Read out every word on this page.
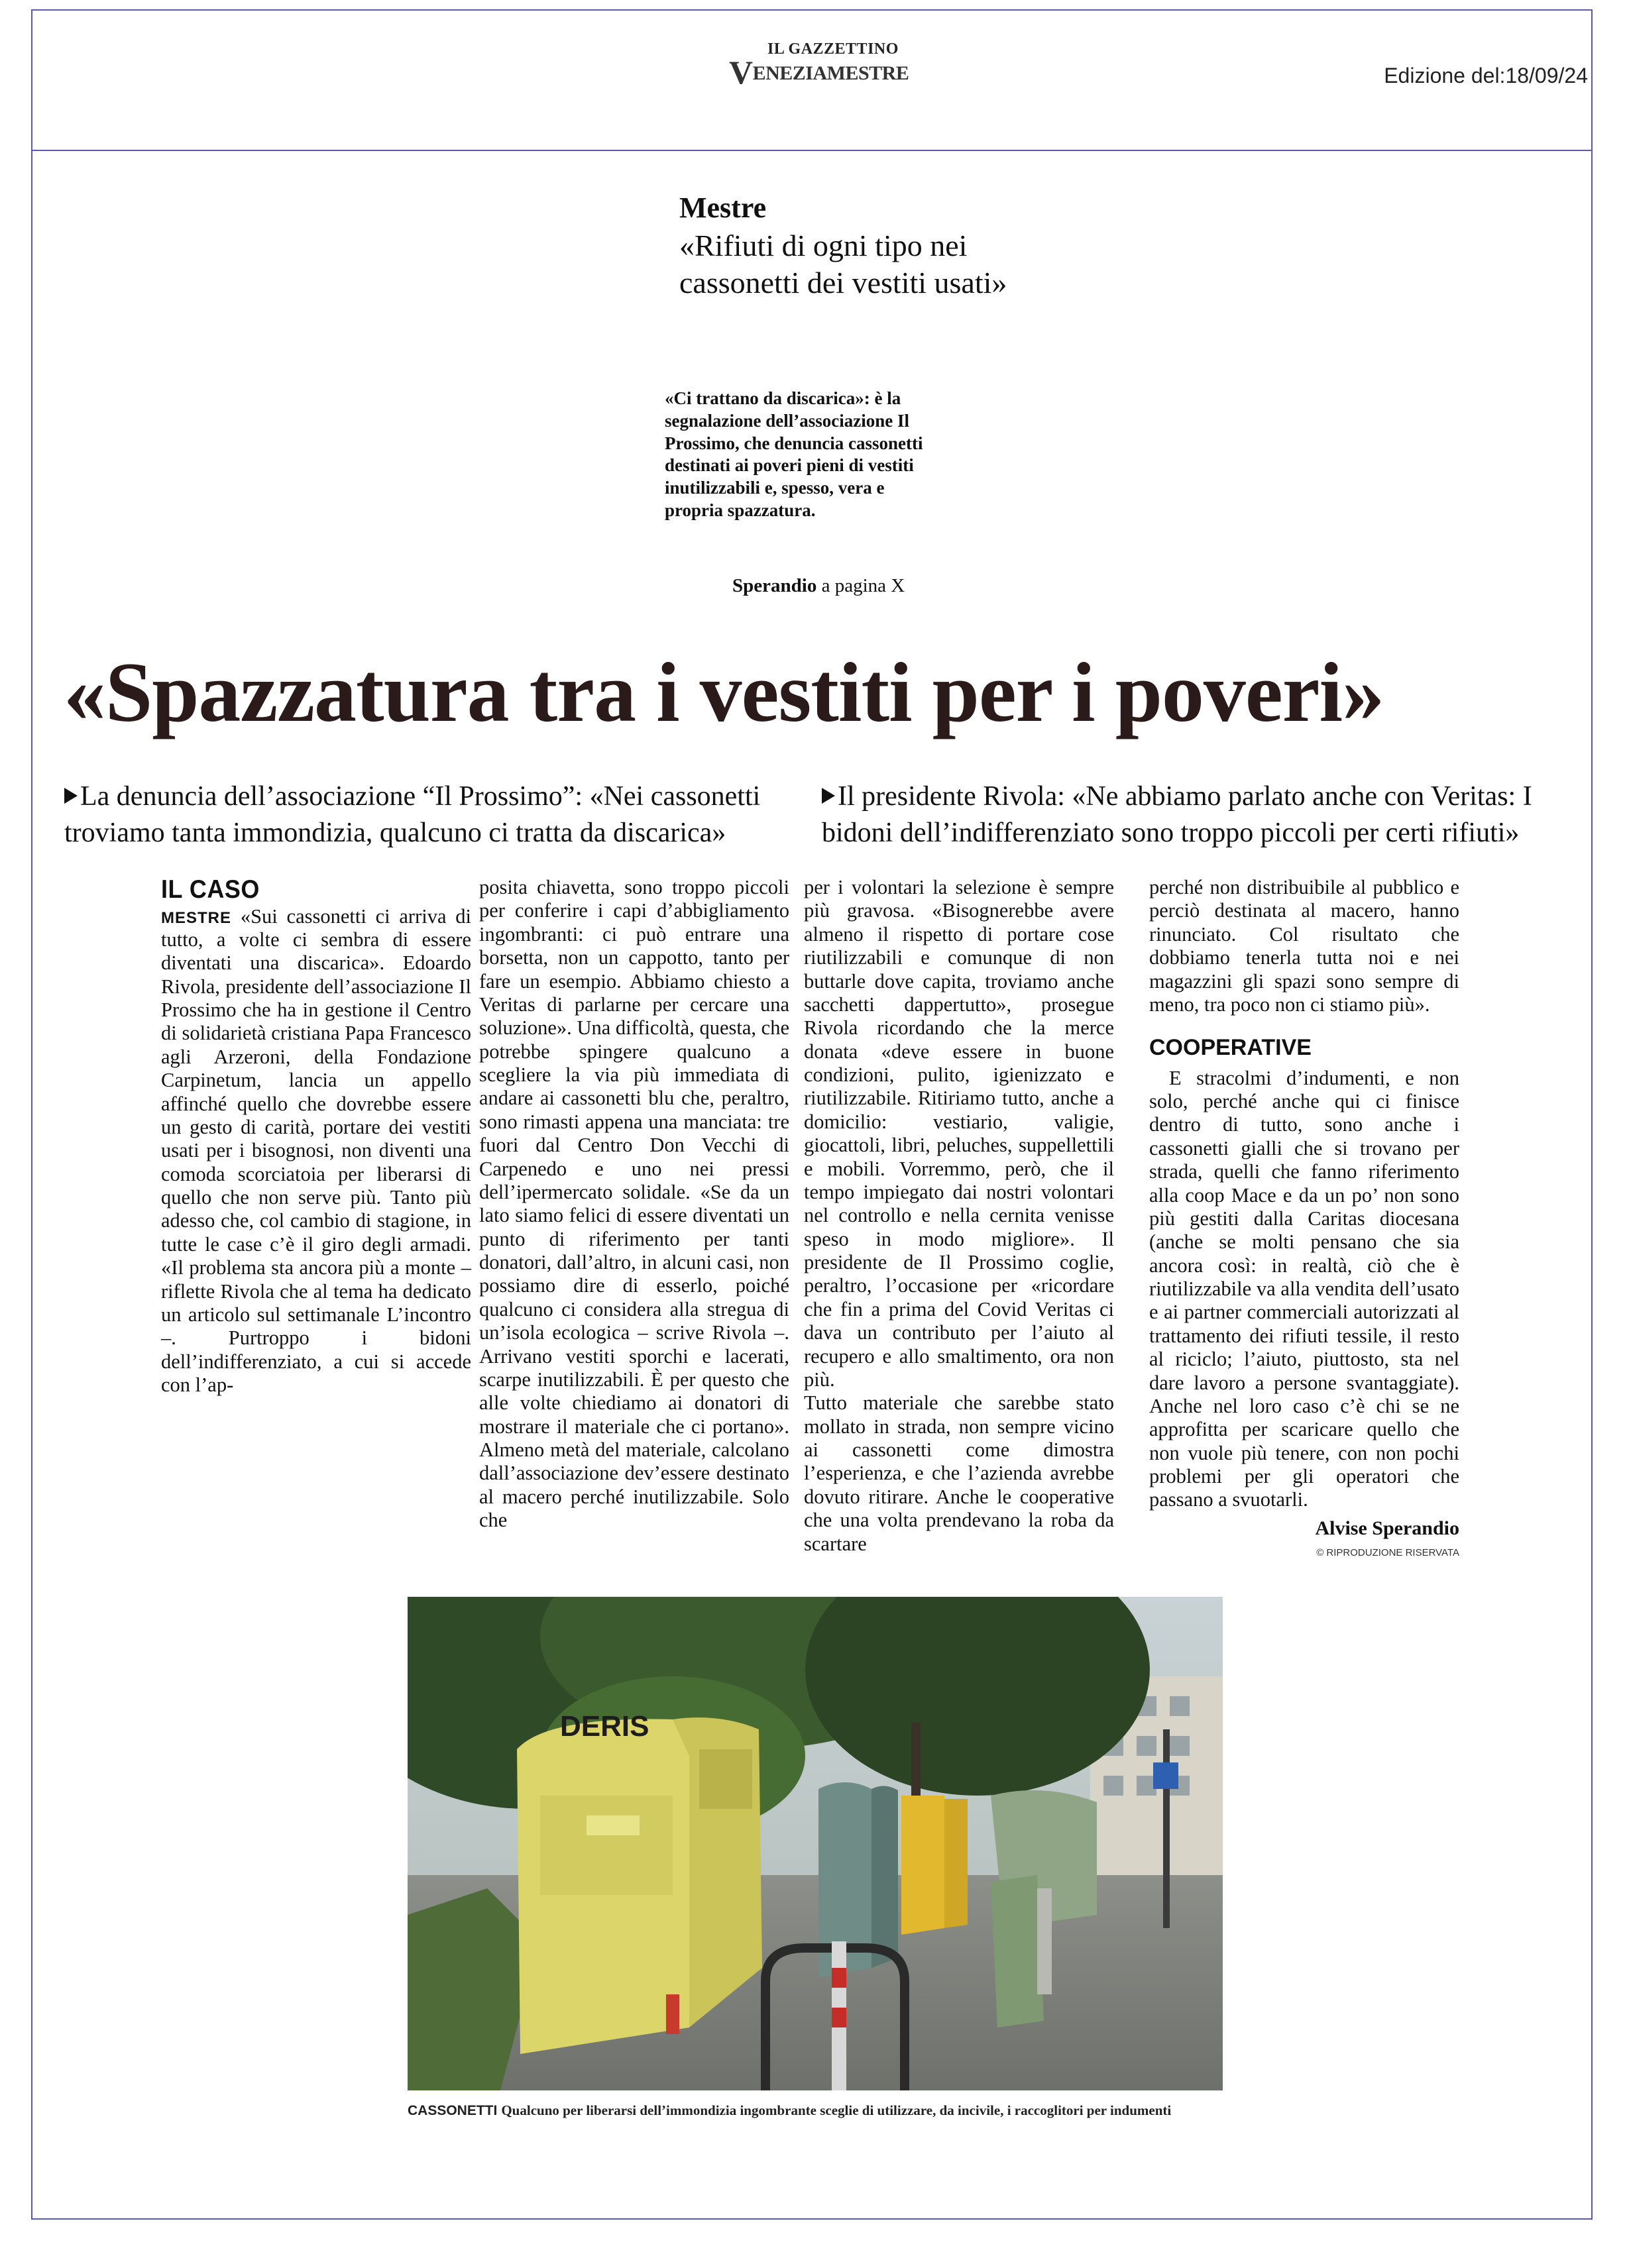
IL GAZZETTINO
VENEZIAMESTRE	Edizione del:18/09/24
Mestre
«Rifiuti di ogni tipo nei cassonetti dei vestiti usati»
«Ci trattano da discarica»: è la segnalazione dell’associazione Il Prossimo, che denuncia cassonetti destinati ai poveri pieni di vestiti inutilizzabili e, spesso, vera e propria spazzatura.
Sperandio a pagina X
«Spazzatura tra i vestiti per i poveri»
La denuncia dell’associazione “Il Prossimo”: «Nei cassonetti troviamo tanta immondizia, qualcuno ci tratta da discarica»
Il presidente Rivola: «Ne abbiamo parlato anche con Veritas: I bidoni dell’indifferenziato sono troppo piccoli per certi rifiuti»
IL CASO

MESTRE «Sui cassonetti ci arriva di tutto, a volte ci sembra di essere diventati una discarica». Edoardo Rivola, presidente dell’associazione Il Prossimo che ha in gestione il Centro di solidarietà cristiana Papa Francesco agli Arzeroni, della Fondazione Carpinetum, lancia un appello affinché quello che dovrebbe essere un gesto di carità, portare dei vestiti usati per i bisognosi, non diventi una comoda scorciatoia per liberarsi di quello che non serve più. Tanto più adesso che, col cambio di stagione, in tutte le case c’è il giro degli armadi. «Il problema sta ancora più a monte – riflette Rivola che al tema ha dedicato un articolo sul settimanale L’incontro –. Purtroppo i bidoni dell’indifferenziato, a cui si accede con l’ap-

posita chiavetta, sono troppo piccoli per conferire i capi d’abbigliamento ingombranti: ci può entrare una borsetta, non un cappotto, tanto per fare un esempio. Abbiamo chiesto a Veritas di parlarne per cercare una soluzione». Una difficoltà, questa, che potrebbe spingere qualcuno a scegliere la via più immediata di andare ai cassonetti blu che, peraltro, sono rimasti appena una manciata: tre fuori dal Centro Don Vecchi di Carpenedo e uno nei pressi dell’ipermercato solidale. «Se da un lato siamo felici di essere diventati un punto di riferimento per tanti donatori, dall’altro, in alcuni casi, non possiamo dire di esserlo, poiché qualcuno ci considera alla stregua di un’isola ecologica – scrive Rivola –. Arrivano vestiti sporchi e lacerati, scarpe inutilizzabili. È per questo che alle volte chiediamo ai donatori di mostrare il materiale che ci portano». Almeno metà del materiale, calcolano dall’associazione dev’essere destinato al macero perché inutilizzabile. Solo che

per i volontari la selezione è sempre più gravosa. «Bisognerebbe avere almeno il rispetto di portare cose riutilizzabili e comunque di non buttarle dove capita, troviamo anche sacchetti dappertutto», prosegue Rivola ricordando che la merce donata «deve essere in buone condizioni, pulito, igienizzato e riutilizzabile. Ritiriamo tutto, anche a domicilio: vestiario, valigie, giocattoli, libri, peluches, suppellettili e mobili. Vorremmo, però, che il tempo impiegato dai nostri volontari nel controllo e nella cernita venisse speso in modo migliore». Il presidente de Il Prossimo coglie, peraltro, l’occasione per «ricordare che fin a prima del Covid Veritas ci dava un contributo per l’aiuto al recupero e allo smaltimento, ora non più.

Tutto materiale che sarebbe stato mollato in strada, non sempre vicino ai cassonetti come dimostra l’esperienza, e che l’azienda avrebbe dovuto ritirare. Anche le cooperative che una volta prendevano la roba da scartare

perché non distribuibile al pubblico e perciò destinata al macero, hanno rinunciato. Col risultato che dobbiamo tenerla tutta noi e nei magazzini gli spazi sono sempre di meno, tra poco non ci stiamo più».

COOPERATIVE

E stracolmi d’indumenti, e non solo, perché anche qui ci finisce dentro di tutto, sono anche i cassonetti gialli che si trovano per strada, quelli che fanno riferimento alla coop Mace e da un po’ non sono più gestiti dalla Caritas diocesana (anche se molti pensano che sia ancora così: in realtà, ciò che è riutilizzabile va alla vendita dell’usato e ai partner commerciali autorizzati al trattamento dei rifiuti tessile, il resto al riciclo; l’aiuto, piuttosto, sta nel dare lavoro a persone svantaggiate). Anche nel loro caso c’è chi se ne approfitta per scaricare quello che non vuole più tenere, con non pochi problemi per gli operatori che passano a svuotarli.

Alvise Sperandio
© RIPRODUZIONE RISERVATA
DERIS
CASSONETTI Qualcuno per liberarsi dell’immondizia ingombrante sceglie di utilizzare, da incivile, i raccoglitori per indumenti
